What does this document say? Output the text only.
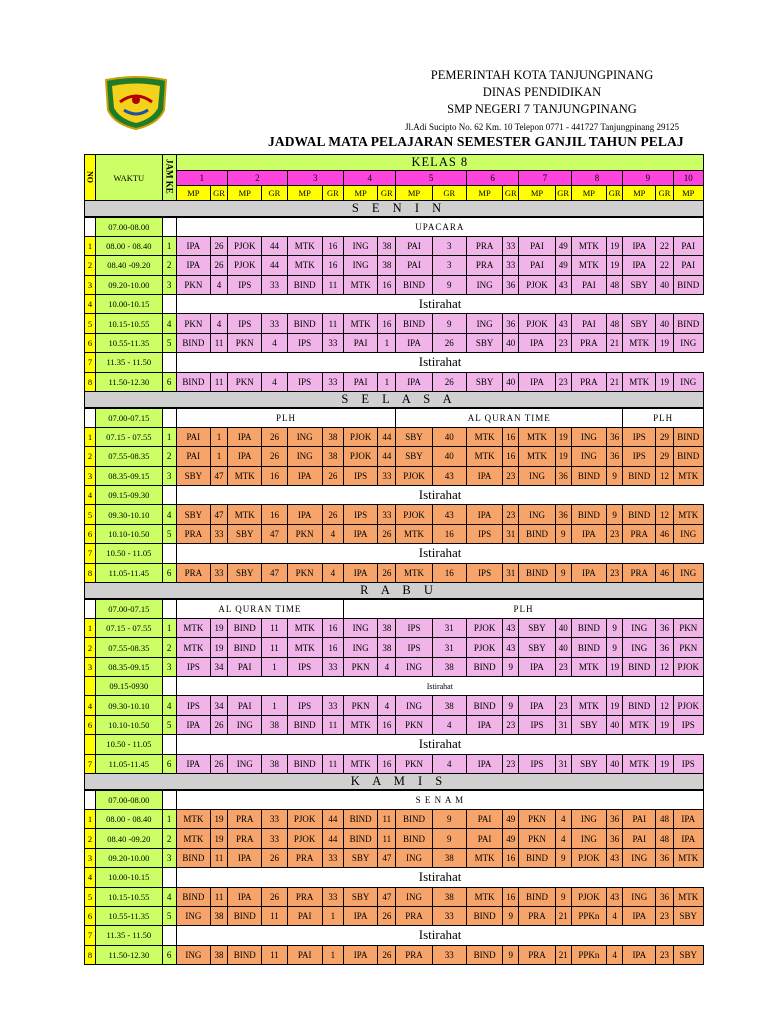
PEMERINTAH KOTA TANJUNGPINANG
DINAS PENDIDIKAN
SMP NEGERI 7 TANJUNGPINANG
Jl.Adi Sucipto No. 62 Km. 10 Telepon 0771 - 441727 Tanjungpinang 29125
JADWAL MATA PELAJARAN SEMESTER GANJIL TAHUN PELAJ
NO	WAKTU	JAM KE	KELAS 8																		
			1		2		3		4		5		6		7		8		9		10
			MP	GR	MP	GR	MP	GR	MP	GR	MP	GR	MP	GR	MP	GR	MP	GR	MP	GR	MP
S E N I N																					
	07.00-08.00		UPACARA																		
1	08.00 - 08.40	1	IPA	26	PJOK	44	MTK	16	ING	38	PAI	3	PRA	33	PAI	49	MTK	19	IPA	22	PAI
2	08.40 -09.20	2	IPA	26	PJOK	44	MTK	16	ING	38	PAI	3	PRA	33	PAI	49	MTK	19	IPA	22	PAI
3	09.20-10.00	3	PKN	4	IPS	33	BIND	11	MTK	16	BIND	9	ING	36	PJOK	43	PAI	48	SBY	40	BIND
4	10.00-10.15		Istirahat																		
5	10.15-10.55	4	PKN	4	IPS	33	BIND	11	MTK	16	BIND	9	ING	36	PJOK	43	PAI	48	SBY	40	BIND
6	10.55-11.35	5	BIND	11	PKN	4	IPS	33	PAI	1	IPA	26	SBY	40	IPA	23	PRA	21	MTK	19	ING
7	11.35 - 11.50		Istirahat																		
8	11.50-12.30	6	BIND	11	PKN	4	IPS	33	PAI	1	IPA	26	SBY	40	IPA	23	PRA	21	MTK	19	ING
S E L A S A																					
	07.00-07.15		PLH								AL QURAN TIME								PLH		
1	07.15 - 07.55	1	PAI	1	IPA	26	ING	38	PJOK	44	SBY	40	MTK	16	MTK	19	ING	36	IPS	29	BIND
2	07.55-08.35	2	PAI	1	IPA	26	ING	38	PJOK	44	SBY	40	MTK	16	MTK	19	ING	36	IPS	29	BIND
3	08.35-09.15	3	SBY	47	MTK	16	IPA	26	IPS	33	PJOK	43	IPA	23	ING	36	BIND	9	BIND	12	MTK
4	09.15-09.30		Istirahat																		
5	09.30-10.10	4	SBY	47	MTK	16	IPA	26	IPS	33	PJOK	43	IPA	23	ING	36	BIND	9	BIND	12	MTK
6	10.10-10.50	5	PRA	33	SBY	47	PKN	4	IPA	26	MTK	16	IPS	31	BIND	9	IPA	23	PRA	46	ING
7	10.50 - 11.05		Istirahat																		
8	11.05-11.45	6	PRA	33	SBY	47	PKN	4	IPA	26	MTK	16	IPS	31	BIND	9	IPA	23	PRA	46	ING
R A B U																					
	07.00-07.15		AL QURAN TIME						PLH												
1	07.15 - 07.55	1	MTK	19	BIND	11	MTK	16	ING	38	IPS	31	PJOK	43	SBY	40	BIND	9	ING	36	PKN
2	07.55-08.35	2	MTK	19	BIND	11	MTK	16	ING	38	IPS	31	PJOK	43	SBY	40	BIND	9	ING	36	PKN
3	08.35-09.15	3	IPS	34	PAI	1	IPS	33	PKN	4	ING	38	BIND	9	IPA	23	MTK	19	BIND	12	PJOK
	09.15-0930		Istirahat																		
4	09.30-10.10	4	IPS	34	PAI	1	IPS	33	PKN	4	ING	38	BIND	9	IPA	23	MTK	19	BIND	12	PJOK
6	10.10-10.50	5	IPA	26	ING	38	BIND	11	MTK	16	PKN	4	IPA	23	IPS	31	SBY	40	MTK	19	IPS
	10.50 - 11.05		Istirahat																		
7	11.05-11.45	6	IPA	26	ING	38	BIND	11	MTK	16	PKN	4	IPA	23	IPS	31	SBY	40	MTK	19	IPS
K A M I S																					
	07.00-08.00		S E N A M																		
1	08.00 - 08.40	1	MTK	19	PRA	33	PJOK	44	BIND	11	BIND	9	PAI	49	PKN	4	ING	36	PAI	48	IPA
2	08.40 -09.20	2	MTK	19	PRA	33	PJOK	44	BIND	11	BIND	9	PAI	49	PKN	4	ING	36	PAI	48	IPA
3	09.20-10.00	3	BIND	11	IPA	26	PRA	33	SBY	47	ING	38	MTK	16	BIND	9	PJOK	43	ING	36	MTK
4	10.00-10.15		Istirahat																		
5	10.15-10.55	4	BIND	11	IPA	26	PRA	33	SBY	47	ING	38	MTK	16	BIND	9	PJOK	43	ING	36	MTK
6	10.55-11.35	5	ING	38	BIND	11	PAI	1	IPA	26	PRA	33	BIND	9	PRA	21	PPKn	4	IPA	23	SBY
7	11.35 - 11.50		Istirahat																		
8	11.50-12.30	6	ING	38	BIND	11	PAI	1	IPA	26	PRA	33	BIND	9	PRA	21	PPKn	4	IPA	23	SBY
